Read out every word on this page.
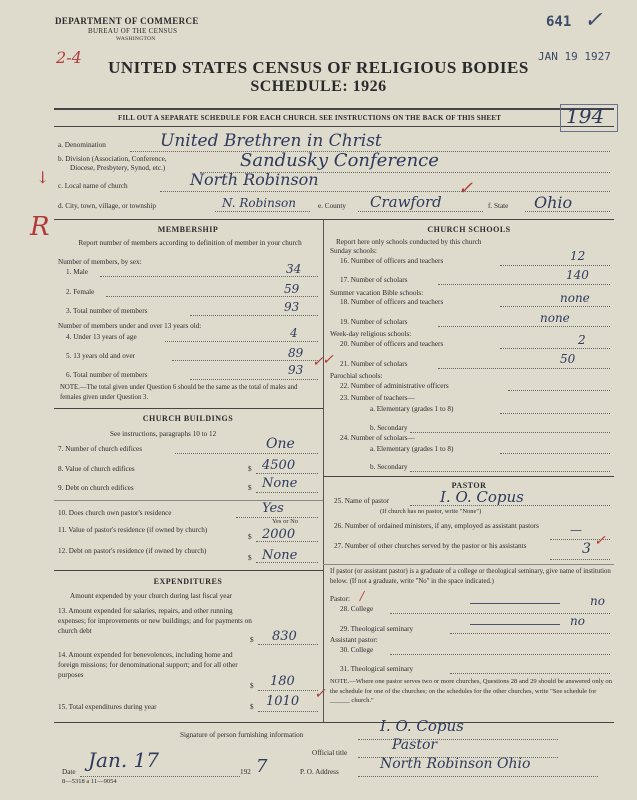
DEPARTMENT OF COMMERCE
BUREAU OF THE CENSUS
WASHINGTON
2-4
641 ✓
JAN 19 1927
UNITED STATES CENSUS OF RELIGIOUS BODIES
SCHEDULE: 1926
FILL OUT A SEPARATE SCHEDULE FOR EACH CHURCH. SEE INSTRUCTIONS ON THE BACK OF THIS SHEET	194
a. Denomination	United Brethren in Christ
b. Division (Association, Conference,
Diocese, Presbytery, Synod, etc.)	Sandusky Conference
c. Local name of church	North Robinson
↓
d. City, town, village, or township	N. Robinson	e. County Crawford
✓
f. State Ohio
R	MEMBERSHIP
Report number of members according to definition of member in your church
Number of members, by sex:
1. Male	34
2. Female	59
3. Total number of members	93
Number of members under and over 13 years old:
4. Under 13 years of age	4
5. 13 years old and over	89
6. Total number of members	93 ✓
NOTE.—The total given under Question 6 should be the same as the total of males and females given under Question 3.
CHURCH BUILDINGS
See instructions, paragraphs 10 to 12
7. Number of church edifices	One
8. Value of church edifices	$ 4500
9. Debt on church edifices	$ None
10. Does church own pastor's residence	Yes
Yes or No
11. Value of pastor's residence (if owned by church)
$ 2000
12. Debt on pastor's residence (if owned by church)
$ None
EXPENDITURES
Amount expended by your church during last fiscal year
13. Amount expended for salaries, repairs, and other running expenses; for improvements or new buildings; and for payments on church debt
$ 830
14. Amount expended for benevolences, including home and foreign missions; for denominational support; and for all other purposes
$ 180
15. Total expenditures during year	$ 1010 ✓
CHURCH SCHOOLS
Report here only schools conducted by this church
Sunday schools:
16. Number of officers and teachers	12
17. Number of scholars	140
Summer vacation Bible schools:
18. Number of officers and teachers	none
19. Number of scholars	none
Week-day religious schools:
20. Number of officers and teachers	2
21. Number of scholars	50
✓
Parochial schools:
22. Number of administrative officers
23. Number of teachers—
a. Elementary (grades 1 to 8)
b. Secondary
24. Number of scholars—
a. Elementary (grades 1 to 8)
b. Secondary
PASTOR
25. Name of pastor	I. O. Copus
(If church has no pastor, write "None")
26. Number of ordained ministers, if any, employed as assistant pastors	—
27. Number of other churches served by the pastor or his assistants	3 ✓
If pastor (or assistant pastor) is a graduate of a college or theological seminary, give name of institution below. (If not a graduate, write "No" in the space indicated.)
Pastor: /
28. College
no
29. Theological seminary
no
Assistant pastor:
30. College
31. Theological seminary
NOTE.—Where one pastor serves two or more churches, Questions 28 and 29 should be answered only on the schedule for one of the churches; on the schedules for the other churches, write "See schedule for ______ church."
Signature of person furnishing information	I. O. Copus
Official title	Pastor
Date Jan. 17	192 7	P. O. Address	North Robinson Ohio
8—5318 a 11—9054
